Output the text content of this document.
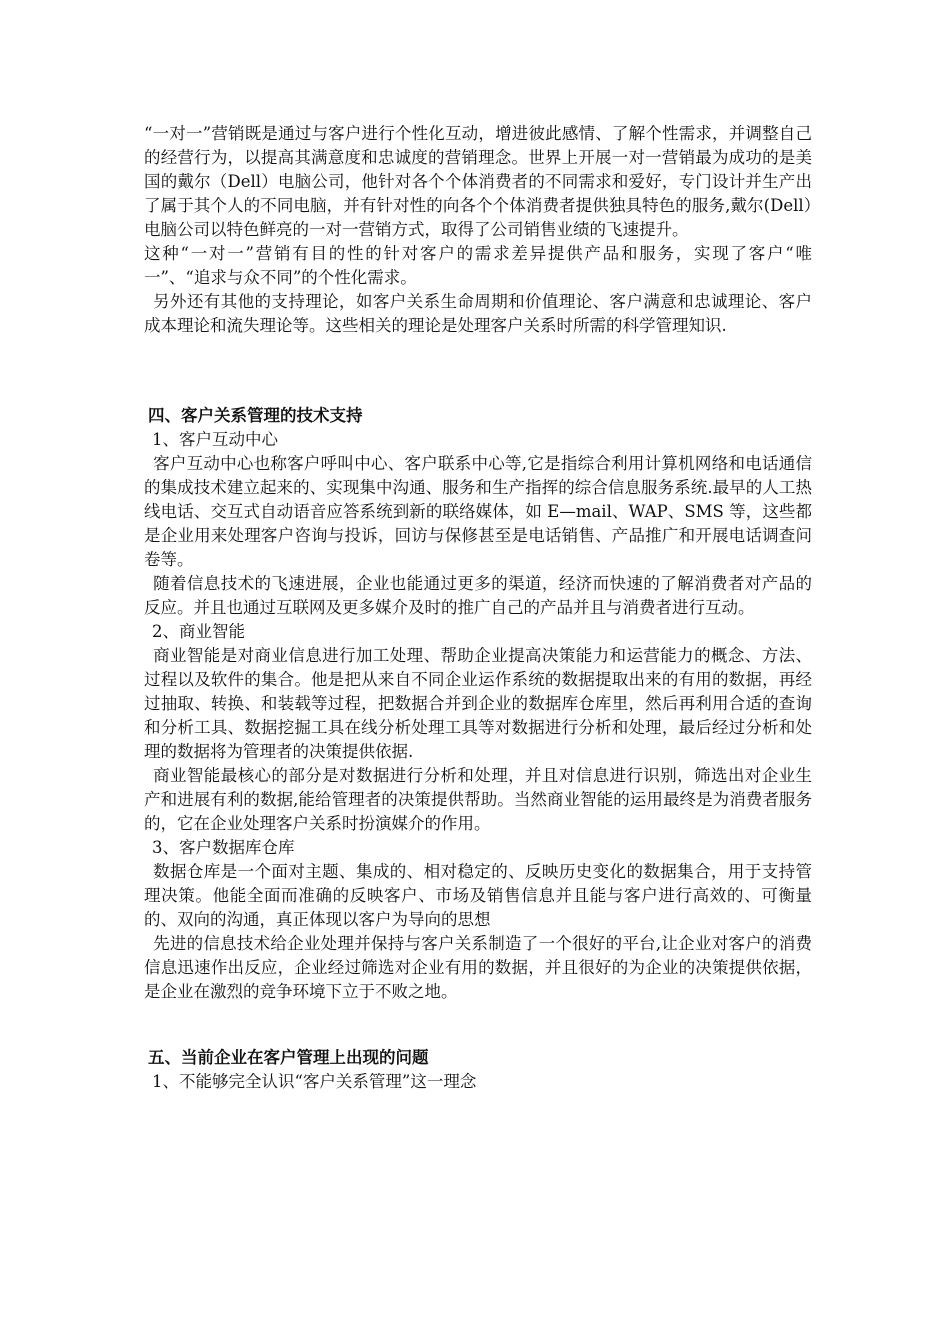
“一对一”营销既是通过与客户进行个性化互动，增进彼此感情、了解个性需求，并调整自己的经营行为，以提高其满意度和忠诚度的营销理念。世界上开展一对一营销最为成功的是美国的戴尔（Dell）电脑公司，他针对各个个体消费者的不同需求和爱好，专门设计并生产出了属于其个人的不同电脑，并有针对性的向各个个体消费者提供独具特色的服务,戴尔(Dell）电脑公司以特色鲜亮的一对一营销方式，取得了公司销售业绩的飞速提升。

这种“一对一”营销有目的性的针对客户的需求差异提供产品和服务，实现了客户“唯一”、“追求与众不同”的个性化需求。

另外还有其他的支持理论，如客户关系生命周期和价值理论、客户满意和忠诚理论、客户成本理论和流失理论等。这些相关的理论是处理客户关系时所需的科学管理知识.

四、客户关系管理的技术支持

1、客户互动中心

客户互动中心也称客户呼叫中心、客户联系中心等,它是指综合利用计算机网络和电话通信的集成技术建立起来的、实现集中沟通、服务和生产指挥的综合信息服务系统.最早的人工热线电话、交互式自动语音应答系统到新的联络媒体，如 E—mail、WAP、SMS 等，这些都是企业用来处理客户咨询与投诉，回访与保修甚至是电话销售、产品推广和开展电话调查问卷等。

随着信息技术的飞速进展，企业也能通过更多的渠道，经济而快速的了解消费者对产品的反应。并且也通过互联网及更多媒介及时的推广自己的产品并且与消费者进行互动。

2、商业智能

商业智能是对商业信息进行加工处理、帮助企业提高决策能力和运营能力的概念、方法、过程以及软件的集合。他是把从来自不同企业运作系统的数据提取出来的有用的数据，再经过抽取、转换、和装载等过程，把数据合并到企业的数据库仓库里，然后再利用合适的查询和分析工具、数据挖掘工具在线分析处理工具等对数据进行分析和处理，最后经过分析和处理的数据将为管理者的决策提供依据.

商业智能最核心的部分是对数据进行分析和处理，并且对信息进行识别，筛选出对企业生产和进展有利的数据,能给管理者的决策提供帮助。当然商业智能的运用最终是为消费者服务的，它在企业处理客户关系时扮演媒介的作用。

3、客户数据库仓库

数据仓库是一个面对主题、集成的、相对稳定的、反映历史变化的数据集合，用于支持管理决策。他能全面而准确的反映客户、市场及销售信息并且能与客户进行高效的、可衡量的、双向的沟通，真正体现以客户为导向的思想

先进的信息技术给企业处理并保持与客户关系制造了一个很好的平台,让企业对客户的消费信息迅速作出反应，企业经过筛选对企业有用的数据，并且很好的为企业的决策提供依据，是企业在激烈的竞争环境下立于不败之地。

五、当前企业在客户管理上出现的问题

1、不能够完全认识“客户关系管理”这一理念
